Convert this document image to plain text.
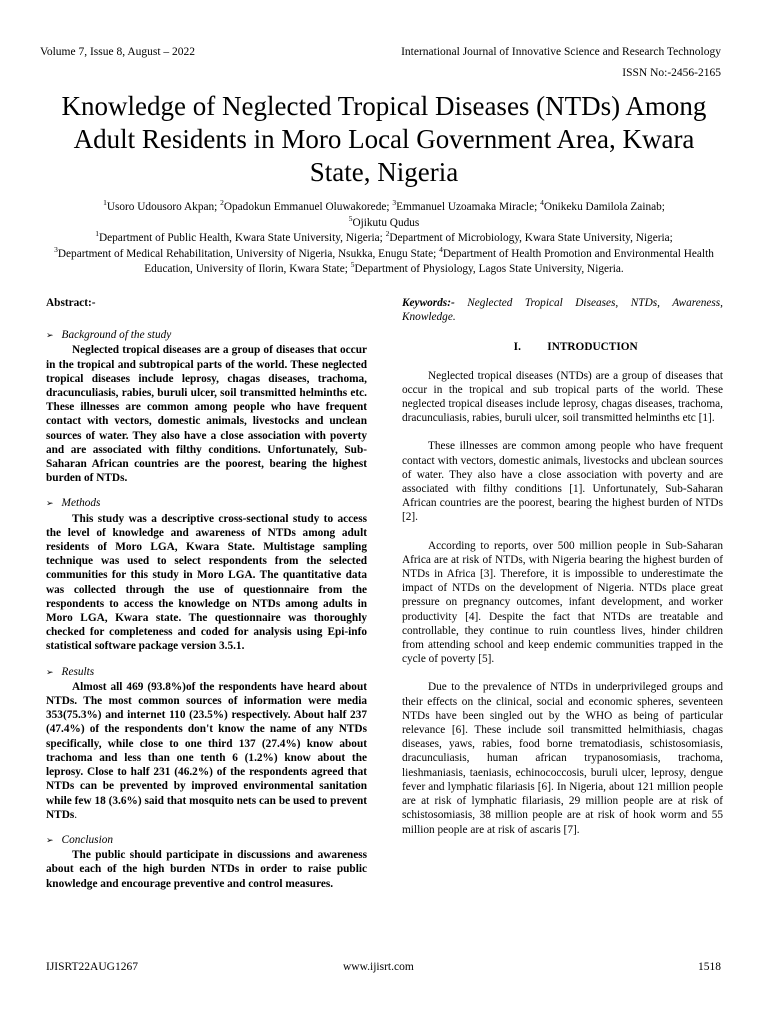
Volume 7, Issue 8, August – 2022	International Journal of Innovative Science and Research Technology
ISSN No:-2456-2165
Knowledge of Neglected Tropical Diseases (NTDs) Among Adult Residents in Moro Local Government Area, Kwara State, Nigeria
$^1$Usoro Udousoro Akpan; $^2$Opadokun Emmanuel Oluwakorede; $^3$Emmanuel Uzoamaka Miracle; $^4$Onikeku Damilola Zainab;
$^5$Ojikutu Qudus
$^1$Department of Public Health, Kwara State University, Nigeria; $^2$Department of Microbiology, Kwara State University, Nigeria;
$^3$Department of Medical Rehabilitation, University of Nigeria, Nsukka, Enugu State; $^4$Department of Health Promotion and Environmental Health Education, University of Ilorin, Kwara State; $^5$Department of Physiology, Lagos State University, Nigeria.

Abstract:-

➢ Background of the study

Neglected tropical diseases are a group of diseases that occur in the tropical and subtropical parts of the world. These neglected tropical diseases include leprosy, chagas diseases, trachoma, dracunculiasis, rabies, buruli ulcer, soil transmitted helminths etc. These illnesses are common among people who have frequent contact with vectors, domestic animals, livestocks and unclean sources of water. They also have a close association with poverty and are associated with filthy conditions. Unfortunately, Sub-Saharan African countries are the poorest, bearing the highest burden of NTDs.

➢ Methods

This study was a descriptive cross-sectional study to access the level of knowledge and awareness of NTDs among adult residents of Moro LGA, Kwara State. Multistage sampling technique was used to select respondents from the selected communities for this study in Moro LGA. The quantitative data was collected through the use of questionnaire from the respondents to access the knowledge on NTDs among adults in Moro LGA, Kwara state. The questionnaire was thoroughly checked for completeness and coded for analysis using Epi-info statistical software package version 3.5.1.

➢ Results

Almost all 469 (93.8%)of the respondents have heard about NTDs. The most common sources of information were media 353(75.3%) and internet 110 (23.5%) respectively. About half 237 (47.4%) of the respondents don't know the name of any NTDs specifically, while close to one third 137 (27.4%) know about trachoma and less than one tenth 6 (1.2%) know about the leprosy. Close to half 231 (46.2%) of the respondents agreed that NTDs can be prevented by improved environmental sanitation while few 18 (3.6%) said that mosquito nets can be used to prevent NTDs.

➢ Conclusion

The public should participate in discussions and awareness about each of the high burden NTDs in order to raise public knowledge and encourage preventive and control measures.

Keywords:- Neglected Tropical Diseases, NTDs, Awareness, Knowledge.

I. INTRODUCTION

Neglected tropical diseases (NTDs) are a group of diseases that occur in the tropical and sub tropical parts of the world. These neglected tropical diseases include leprosy, chagas diseases, trachoma, dracunculiasis, rabies, buruli ulcer, soil transmitted helminths etc [1].

These illnesses are common among people who have frequent contact with vectors, domestic animals, livestocks and ubclean sources of water. They also have a close association with poverty and are associated with filthy conditions [1]. Unfortunately, Sub-Saharan African countries are the poorest, bearing the highest burden of NTDs [2].

According to reports, over 500 million people in Sub-Saharan Africa are at risk of NTDs, with Nigeria bearing the highest burden of NTDs in Africa [3]. Therefore, it is impossible to underestimate the impact of NTDs on the development of Nigeria. NTDs place great pressure on pregnancy outcomes, infant development, and worker productivity [4]. Despite the fact that NTDs are treatable and controllable, they continue to ruin countless lives, hinder children from attending school and keep endemic communities trapped in the cycle of poverty [5].

Due to the prevalence of NTDs in underprivileged groups and their effects on the clinical, social and economic spheres, seventeen NTDs have been singled out by the WHO as being of particular relevance [6]. These include soil transmitted helmithiasis, chagas diseases, yaws, rabies, food borne trematodiasis, schistosomiasis, dracunculiasis, human african trypanosomiasis, trachoma, lieshmaniasis, taeniasis, echinococcosis, buruli ulcer, leprosy, dengue fever and lymphatic filariasis [6]. In Nigeria, about 121 million people are at risk of lymphatic filariasis, 29 million people are at risk of schistosomiasis, 38 million people are at risk of hook worm and 55 million people are at risk of ascaris [7].

IJISRT22AUG1267	www.ijisrt.com	1518
